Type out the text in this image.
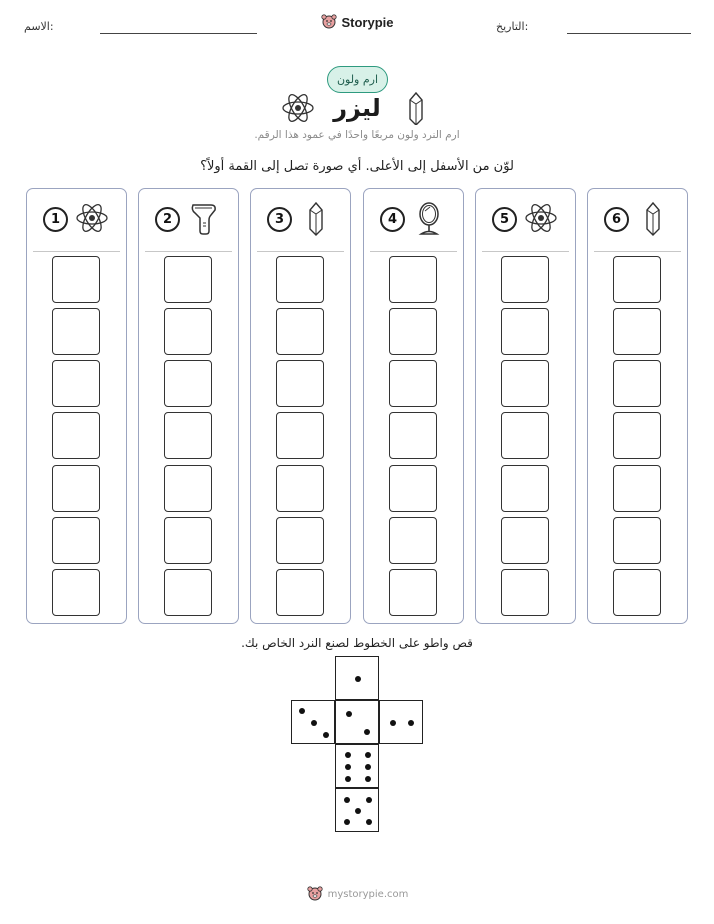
الاسم:	التاريخ:
Storypie
ارم ولون
ليزر
ارم النرد ولون مربعًا واحدًا في عمود هذا الرقم.
لوّن من الأسفل إلى الأعلى. أي صورة تصل إلى القمة أولاً؟
1	2	3	4	5	6
قص واطو على الخطوط لصنع النرد الخاص بك.
mystorypie.com
